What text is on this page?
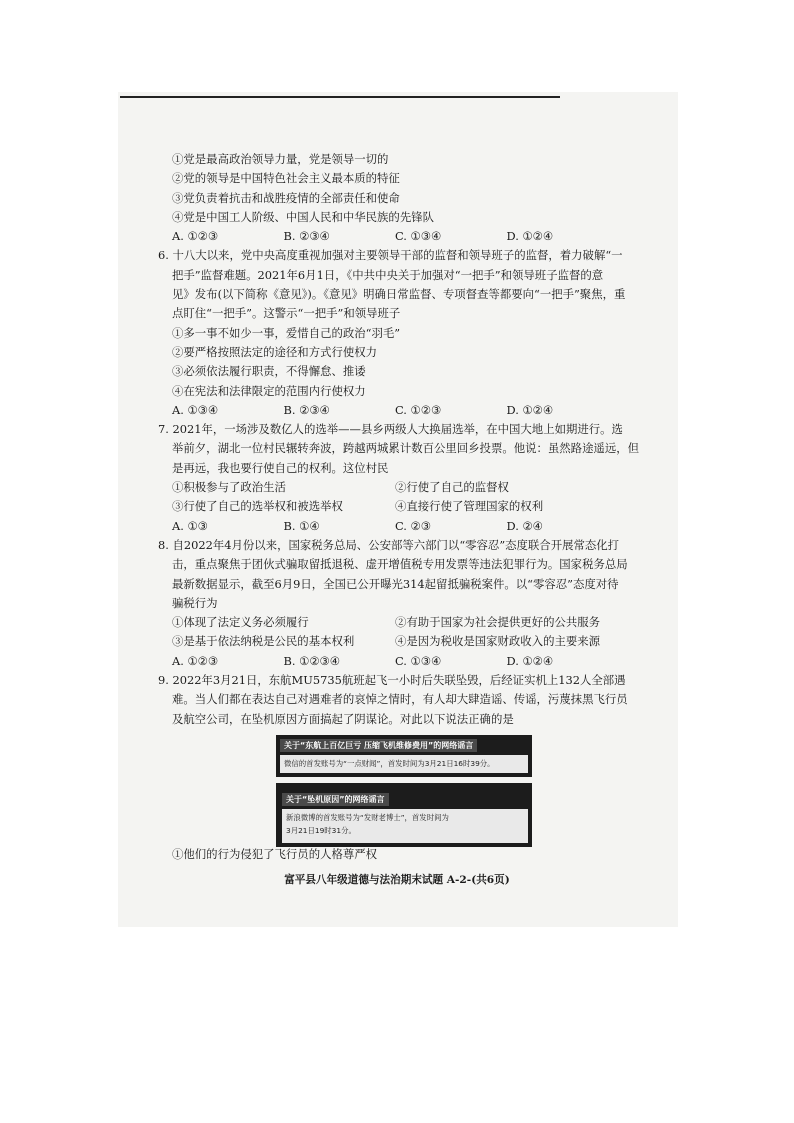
①党是最高政治领导力量，党是领导一切的
②党的领导是中国特色社会主义最本质的特征
③党负责着抗击和战胜疫情的全部责任和使命
④党是中国工人阶级、中国人民和中华民族的先锋队
A. ①②③	B. ②③④	C. ①③④	D. ①②④
6. 十八大以来，党中央高度重视加强对主要领导干部的监督和领导班子的监督，着力破解“一
把手”监督难题。2021年6月1日，《中共中央关于加强对“一把手”和领导班子监督的意
见》发布(以下简称《意见》)。《意见》明确日常监督、专项督查等都要向“一把手”聚焦，重
点盯住“一把手”。这警示“一把手”和领导班子
①多一事不如少一事，爱惜自己的政治“羽毛”
②要严格按照法定的途径和方式行使权力
③必须依法履行职责，不得懈怠、推诿
④在宪法和法律限定的范围内行使权力
A. ①③④	B. ②③④	C. ①②③	D. ①②④
7. 2021年，一场涉及数亿人的选举——县乡两级人大换届选举，在中国大地上如期进行。选
举前夕，湖北一位村民辗转奔波，跨越两城累计数百公里回乡投票。他说：虽然路途遥远，但
是再远，我也要行使自己的权利。这位村民
①积极参与了政治生活	②行使了自己的监督权
③行使了自己的选举权和被选举权	④直接行使了管理国家的权利
A. ①③	B. ①④	C. ②③	D. ②④
8. 自2022年4月份以来，国家税务总局、公安部等六部门以“零容忍”态度联合开展常态化打
击，重点聚焦于团伙式骗取留抵退税、虚开增值税专用发票等违法犯罪行为。国家税务总局
最新数据显示，截至6月9日，全国已公开曝光314起留抵骗税案件。以“零容忍”态度对待
骗税行为
①体现了法定义务必须履行	②有助于国家为社会提供更好的公共服务
③是基于依法纳税是公民的基本权利	④是因为税收是国家财政收入的主要来源
A. ①②③	B. ①②③④	C. ①③④	D. ①②④
9. 2022年3月21日，东航MU5735航班起飞一小时后失联坠毁，后经证实机上132人全部遇
难。当人们都在表达自己对遇难者的哀悼之情时，有人却大肆造谣、传谣，污蔑抹黑飞行员
及航空公司，在坠机原因方面搞起了阴谋论。对此以下说法正确的是
关于“东航上百亿巨亏 压缩飞机维修费用”的网络谣言
微信的首发账号为“一点财闻”，首发时间为3月21日16时39分。
关于“坠机原因”的网络谣言
新浪微博的首发账号为“发财老博士”，首发时间为
3月21日19时31分。
①他们的行为侵犯了飞行员的人格尊严权
富平县八年级道德与法治期末试题 A-2-(共6页)
